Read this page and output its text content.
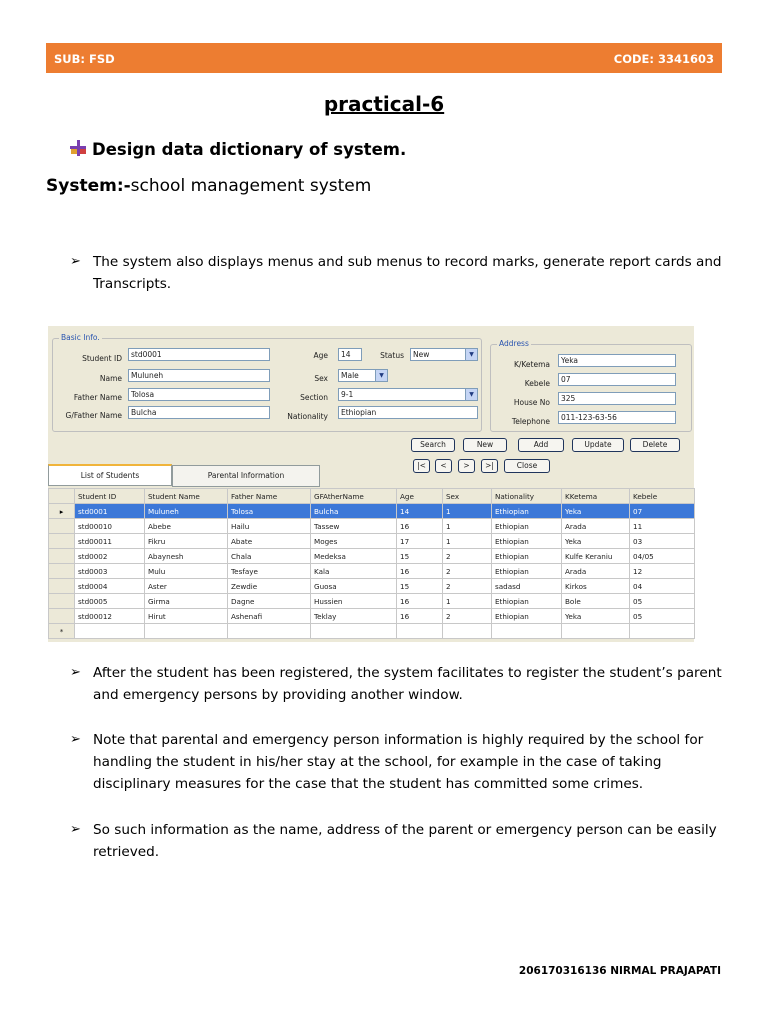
SUB: FSD	CODE: 3341603
practical-6
Design data dictionary of system.
System:-school management system
➢ The system also displays menus and sub menus to record marks, generate report cards and Transcripts.
Basic Info.
Address
Student ID	std0001
Name	Muluneh
Father Name	Tolosa
G/Father Name	Bulcha
Age	14	Status	New	▼
Sex	Male	▼
Section	9-1	▼
Nationality	Ethiopian
K/Ketema	Yeka
Kebele	07
House No	325
Telephone	011-123-63-56
Search	New	Add	Update	Delete
|<	<	>	>|	Close
List of Students	Parental Information
	Student ID	Student Name	Father Name	GFAtherName	Age	Sex	Nationality	KKetema	Kebele
▸	std0001	Muluneh	Tolosa	Bulcha	14	1	Ethiopian	Yeka	07
	std00010	Abebe	Hailu	Tassew	16	1	Ethiopian	Arada	11
	std00011	Fikru	Abate	Moges	17	1	Ethiopian	Yeka	03
	std0002	Abaynesh	Chala	Medeksa	15	2	Ethiopian	Kulfe Keraniu	04/05
	std0003	Mulu	Tesfaye	Kala	16	2	Ethiopian	Arada	12
	std0004	Aster	Zewdie	Guosa	15	2	sadasd	Kirkos	04
	std0005	Girma	Dagne	Hussien	16	1	Ethiopian	Bole	05
	std00012	Hirut	Ashenafi	Teklay	16	2	Ethiopian	Yeka	05
*									
➢ After the student has been registered, the system facilitates to register the student’s parent and emergency persons by providing another window.
➢ Note that parental and emergency person information is highly required by the school for handling the student in his/her stay at the school, for example in the case of taking disciplinary measures for the case that the student has committed some crimes.
➢ So such information as the name, address of the parent or emergency person can be easily retrieved.
206170316136 NIRMAL PRAJAPATI
